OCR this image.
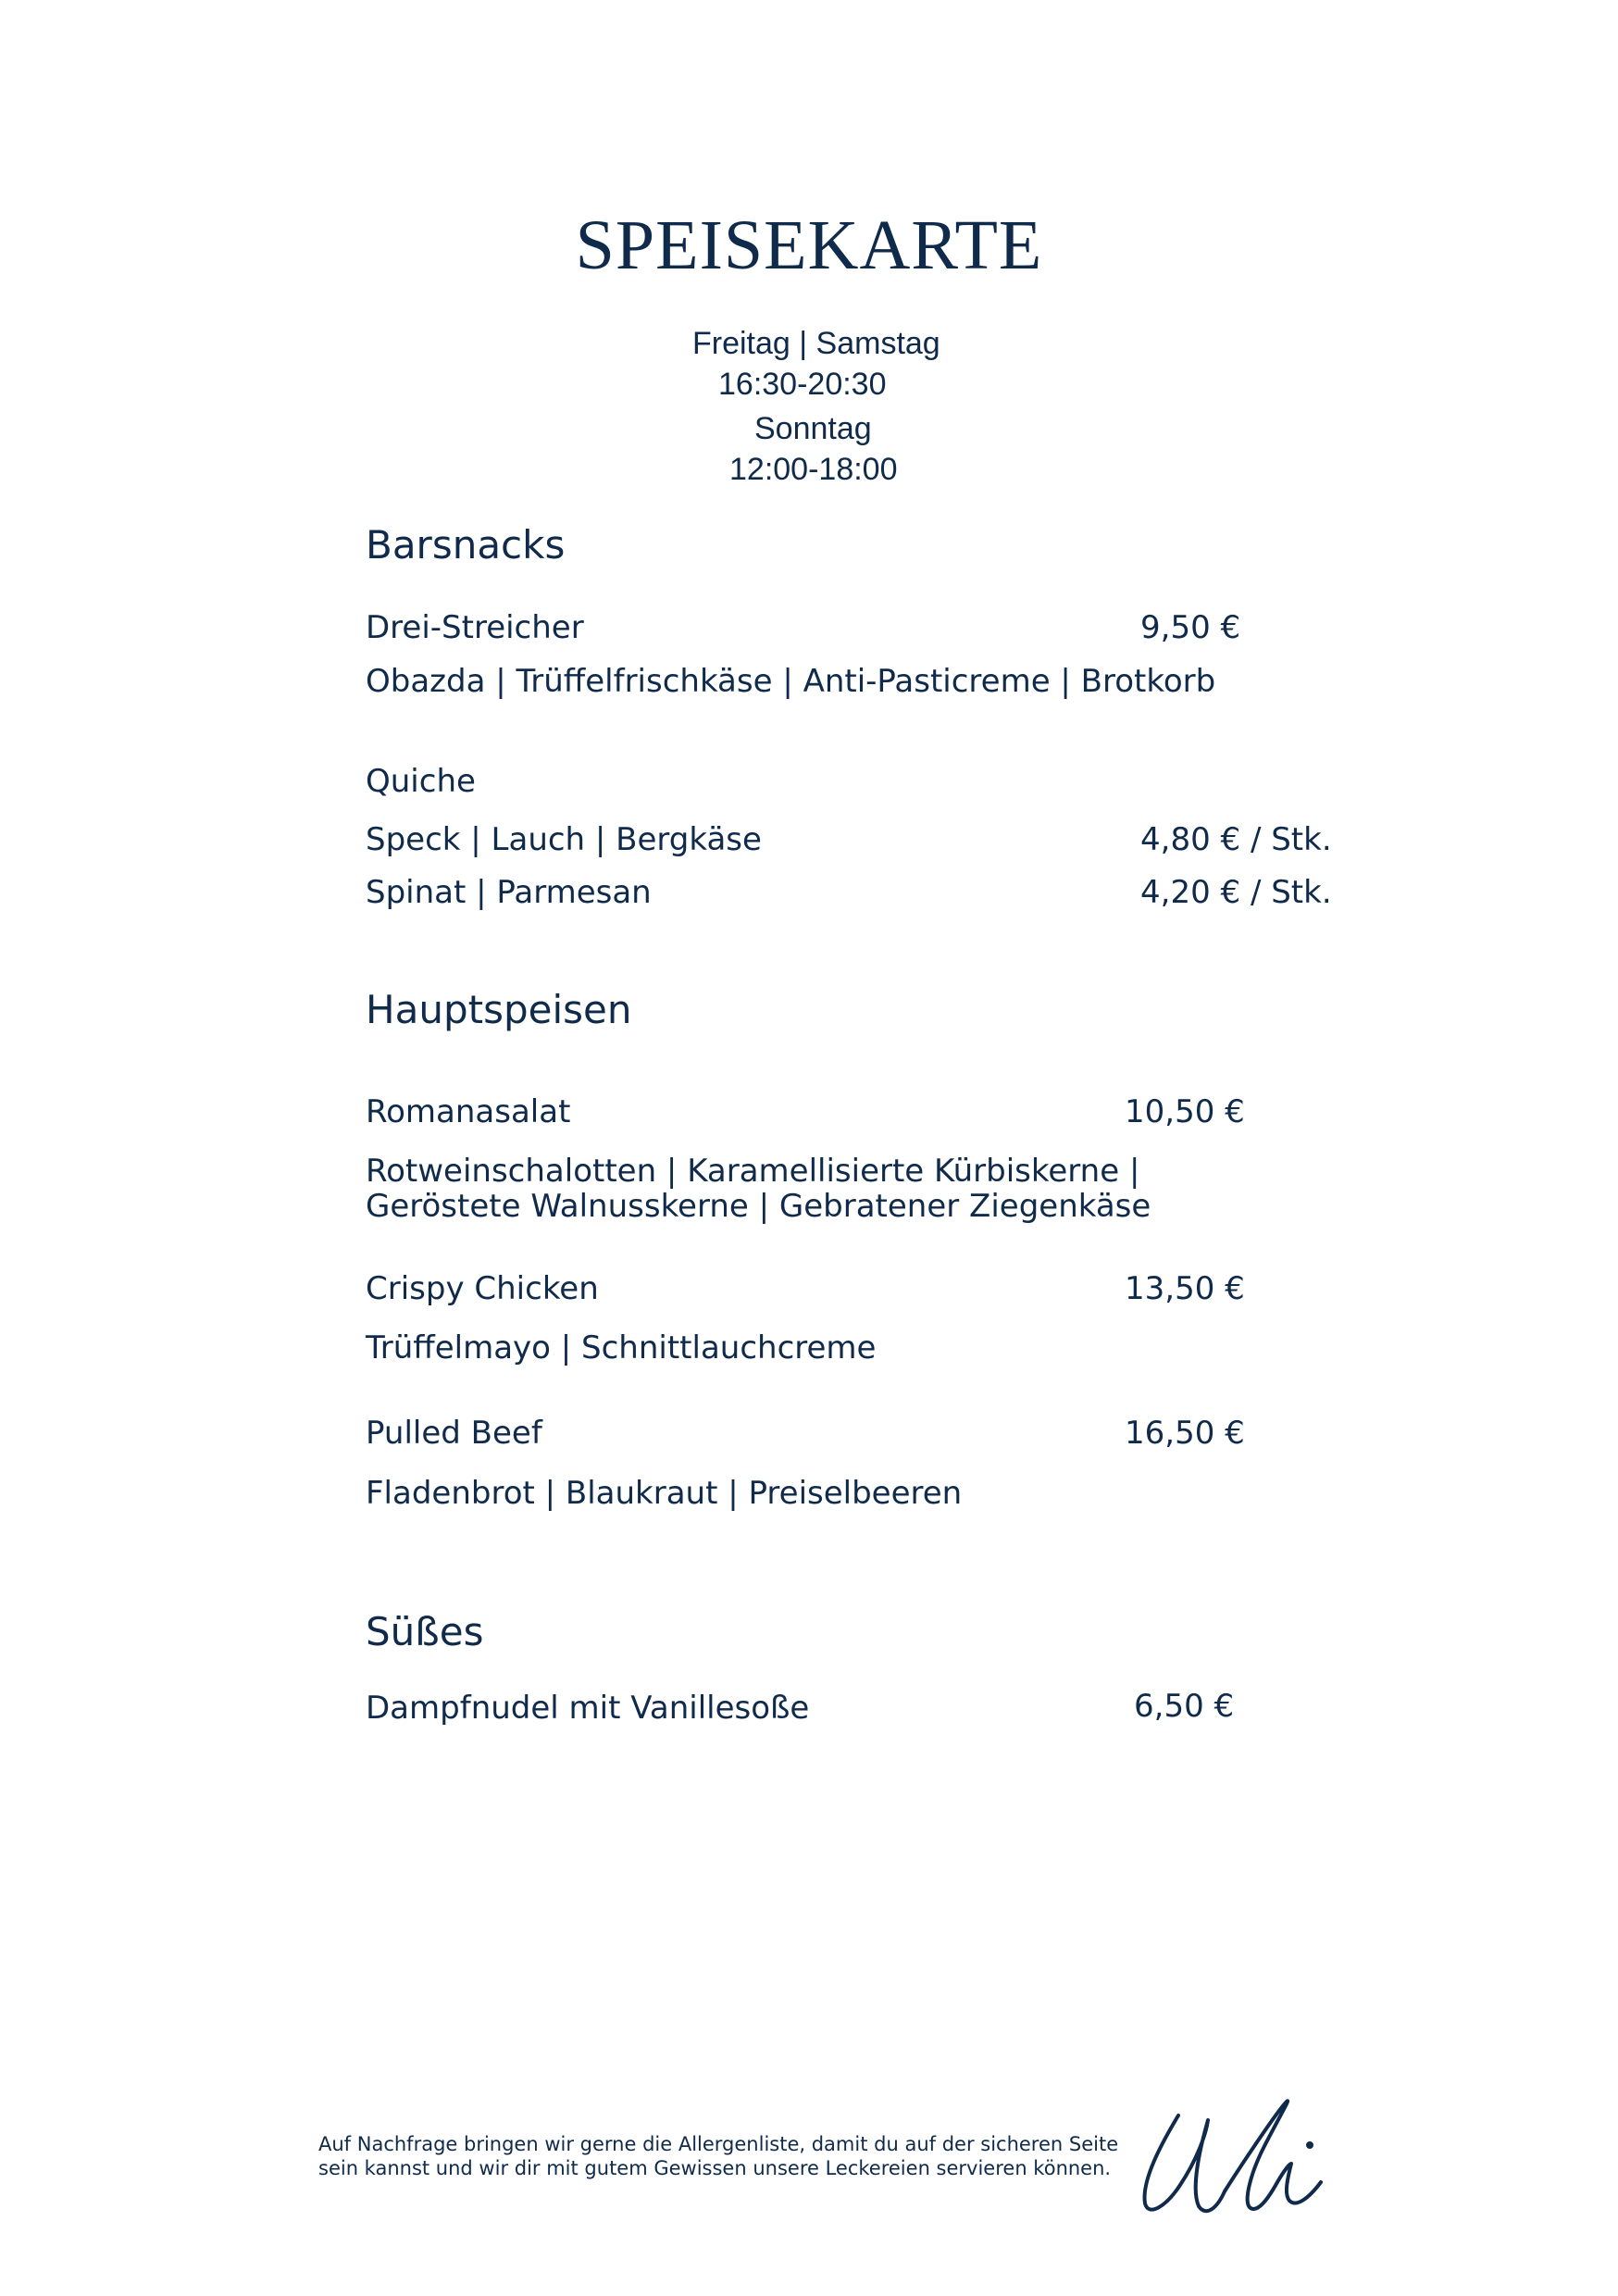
SPEISEKARTE
Freitag | Samstag
16:30-20:30
Sonntag
12:00-18:00
Barsnacks
Drei-Streicher	9,50 €
Obazda | Trüffelfrischkäse | Anti-Pasticreme | Brotkorb
Quiche
Speck | Lauch | Bergkäse	4,80 € / Stk.
Spinat | Parmesan	4,20 € / Stk.
Hauptspeisen
Romanasalat	10,50 €
Rotweinschalotten | Karamellisierte Kürbiskerne |
Geröstete Walnusskerne | Gebratener Ziegenkäse
Crispy Chicken	13,50 €
Trüffelmayo | Schnittlauchcreme
Pulled Beef	16,50 €
Fladenbrot | Blaukraut | Preiselbeeren
Süßes
Dampfnudel mit Vanillesoße	6,50 €
Auf Nachfrage bringen wir gerne die Allergenliste, damit du auf der sicheren Seite
sein kannst und wir dir mit gutem Gewissen unsere Leckereien servieren können.
